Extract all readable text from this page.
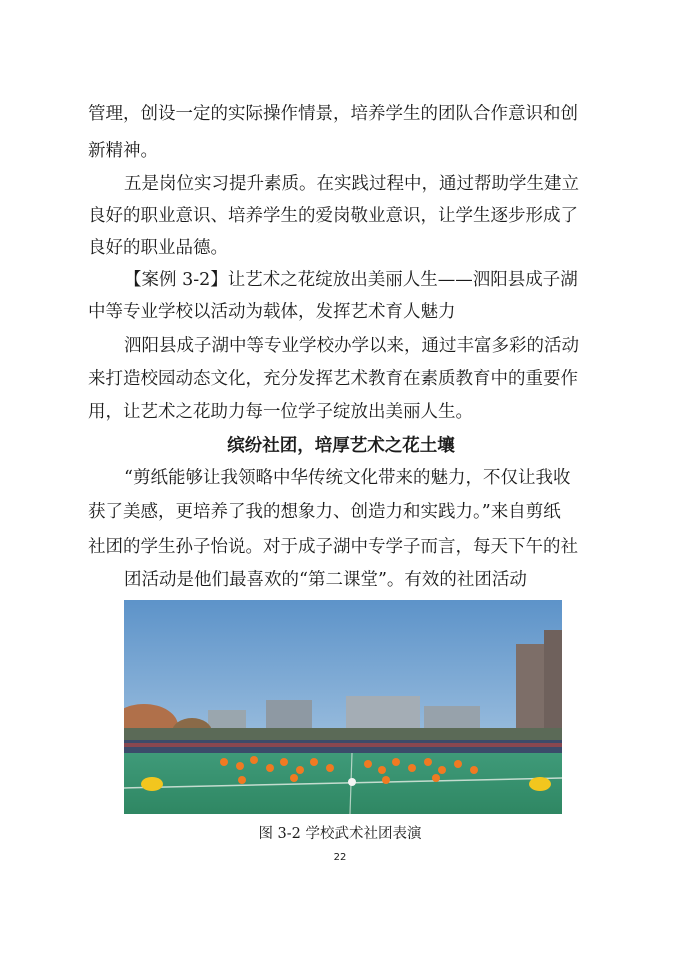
管理，创设一定的实际操作情景，培养学生的团队合作意识和创
新精神。
五是岗位实习提升素质。在实践过程中，通过帮助学生建立
良好的职业意识、培养学生的爱岗敬业意识，让学生逐步形成了
良好的职业品德。
【案例 3-2】让艺术之花绽放出美丽人生——泗阳县成子湖
中等专业学校以活动为载体，发挥艺术育人魅力
泗阳县成子湖中等专业学校办学以来，通过丰富多彩的活动
来打造校园动态文化，充分发挥艺术教育在素质教育中的重要作
用，让艺术之花助力每一位学子绽放出美丽人生。
缤纷社团，培厚艺术之花土壤
“剪纸能够让我领略中华传统文化带来的魅力，不仅让我收
获了美感，更培养了我的想象力、创造力和实践力。”来自剪纸
社团的学生孙子怡说。对于成子湖中专学子而言，每天下午的社
团活动是他们最喜欢的“第二课堂”。有效的社团活动
图 3-2 学校武术社团表演
22
